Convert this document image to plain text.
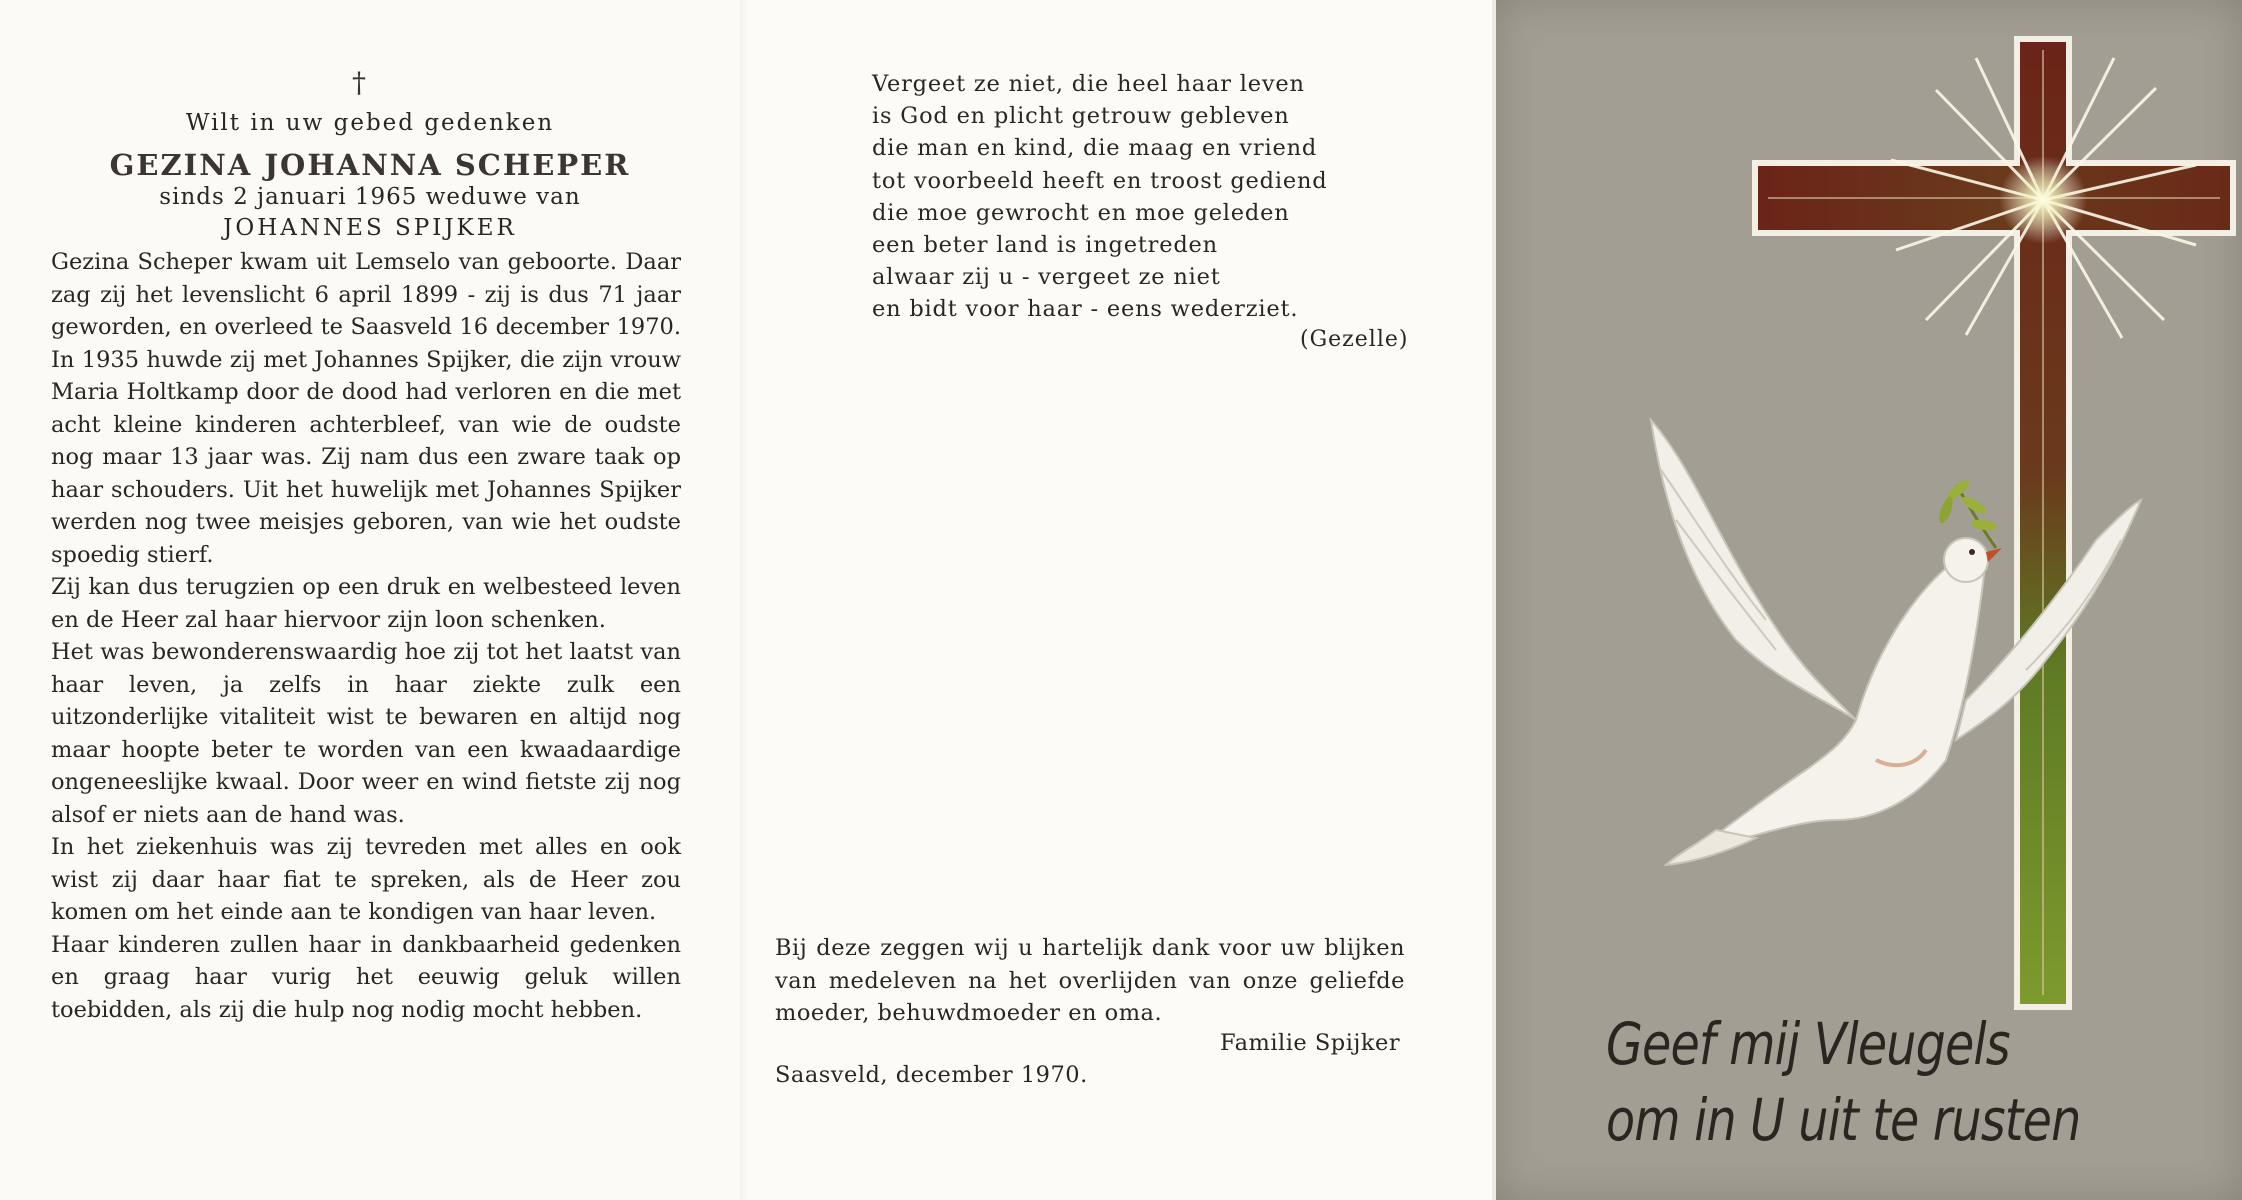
†
Wilt in uw gebed gedenken
GEZINA JOHANNA SCHEPER
sinds 2 januari 1965 weduwe van
JOHANNES SPIJKER

Gezina Scheper kwam uit Lemselo van geboorte. Daar zag zij het levenslicht 6 april 1899 - zij is dus 71 jaar geworden, en overleed te Saasveld 16 december 1970. In 1935 huwde zij met Johannes Spijker, die zijn vrouw Maria Holtkamp door de dood had verloren en die met acht kleine kinderen achterbleef, van wie de oudste nog maar 13 jaar was. Zij nam dus een zware taak op haar schouders. Uit het huwelijk met Johannes Spijker werden nog twee meisjes geboren, van wie het oudste spoedig stierf.

Zij kan dus terugzien op een druk en welbesteed leven en de Heer zal haar hiervoor zijn loon schenken.

Het was bewonderenswaardig hoe zij tot het laatst van haar leven, ja zelfs in haar ziekte zulk een uitzonderlijke vitaliteit wist te bewaren en altijd nog maar hoopte beter te worden van een kwaadaardige ongeneeslijke kwaal. Door weer en wind fietste zij nog alsof er niets aan de hand was.

In het ziekenhuis was zij tevreden met alles en ook wist zij daar haar fiat te spreken, als de Heer zou komen om het einde aan te kondigen van haar leven.

Haar kinderen zullen haar in dankbaarheid gedenken en graag haar vurig het eeuwig geluk willen toebidden, als zij die hulp nog nodig mocht hebben.

Vergeet ze niet, die heel haar leven
is God en plicht getrouw gebleven
die man en kind, die maag en vriend
tot voorbeeld heeft en troost gediend
die moe gewrocht en moe geleden
een beter land is ingetreden
alwaar zij u - vergeet ze niet
en bidt voor haar - eens wederziet.
(Gezelle)
Bij deze zeggen wij u hartelijk dank voor uw blijken van medeleven na het overlijden van onze geliefde moeder, behuwdmoeder en oma.
Familie Spijker
Saasveld, december 1970.	Geef mij Vleugels
om in U uit te rusten
